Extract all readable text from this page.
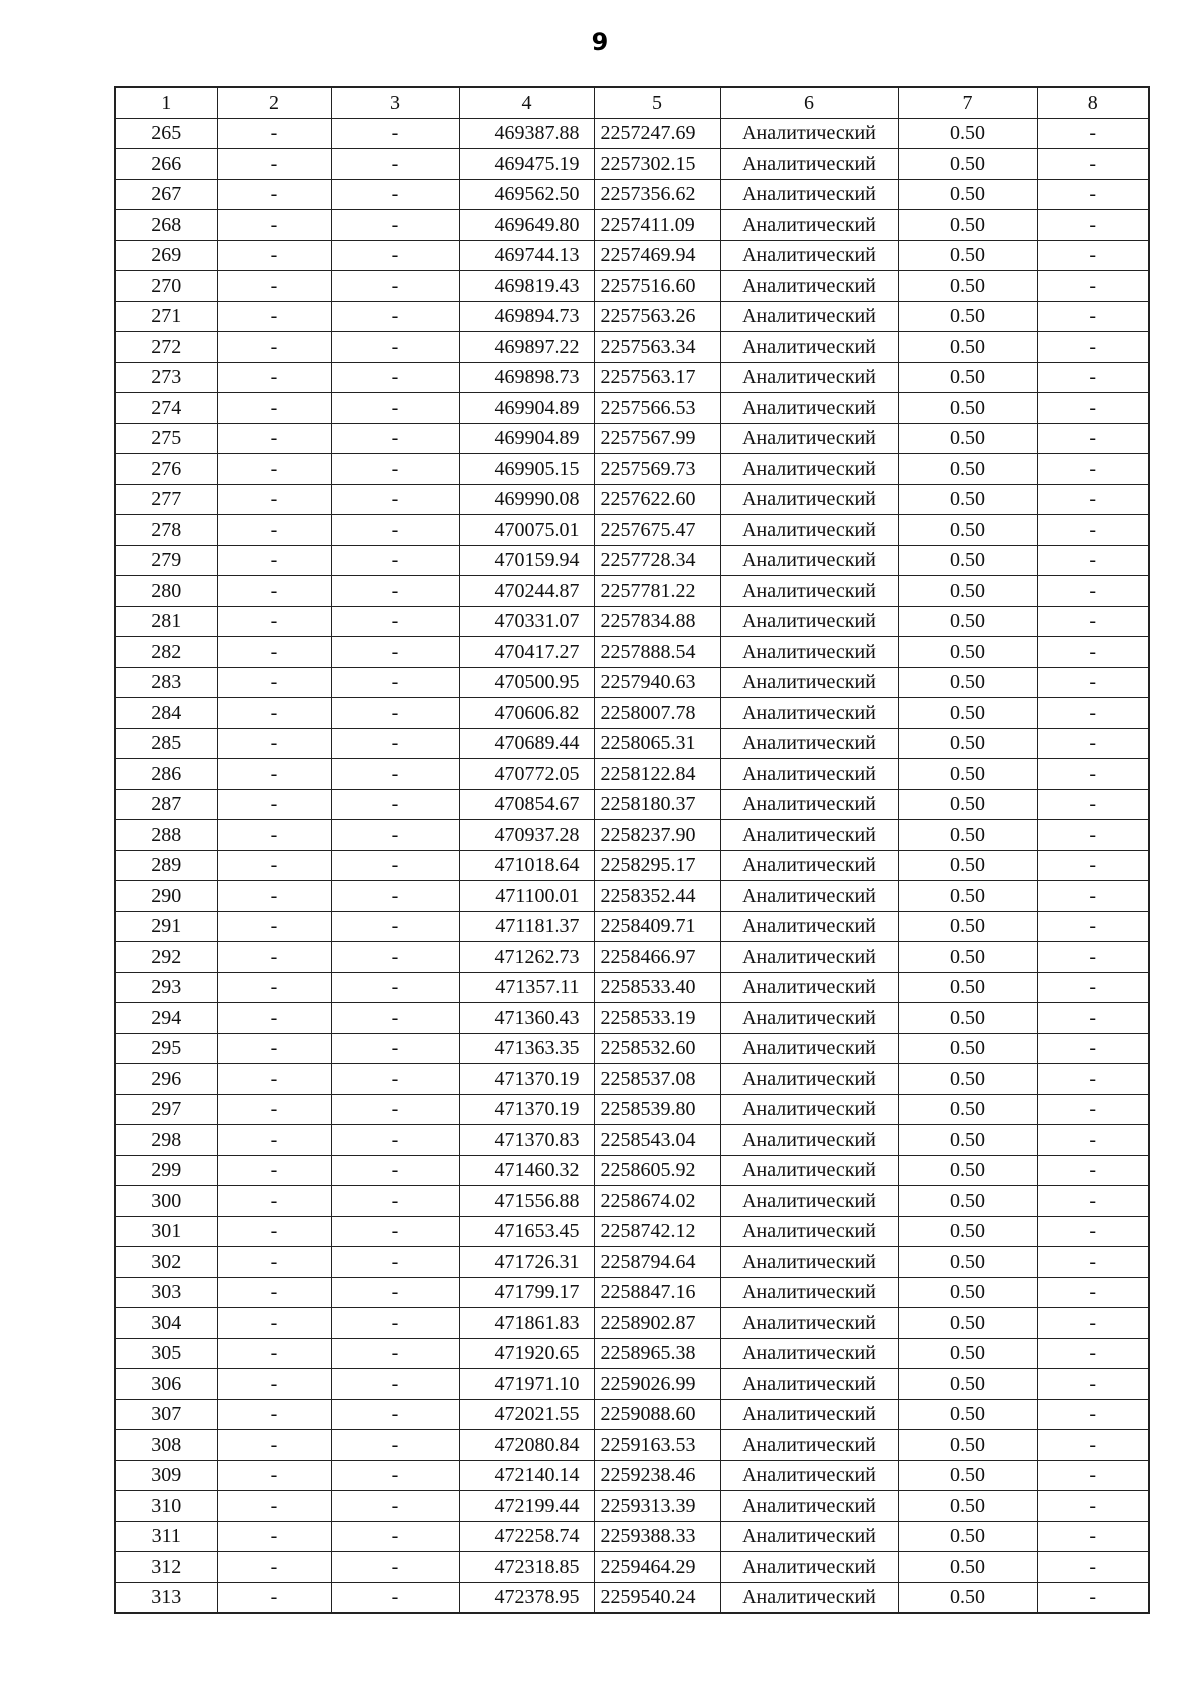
9
1	2	3	4	5	6	7	8
265	-	-	469387.88	2257247.69	Аналитический	0.50	-
266	-	-	469475.19	2257302.15	Аналитический	0.50	-
267	-	-	469562.50	2257356.62	Аналитический	0.50	-
268	-	-	469649.80	2257411.09	Аналитический	0.50	-
269	-	-	469744.13	2257469.94	Аналитический	0.50	-
270	-	-	469819.43	2257516.60	Аналитический	0.50	-
271	-	-	469894.73	2257563.26	Аналитический	0.50	-
272	-	-	469897.22	2257563.34	Аналитический	0.50	-
273	-	-	469898.73	2257563.17	Аналитический	0.50	-
274	-	-	469904.89	2257566.53	Аналитический	0.50	-
275	-	-	469904.89	2257567.99	Аналитический	0.50	-
276	-	-	469905.15	2257569.73	Аналитический	0.50	-
277	-	-	469990.08	2257622.60	Аналитический	0.50	-
278	-	-	470075.01	2257675.47	Аналитический	0.50	-
279	-	-	470159.94	2257728.34	Аналитический	0.50	-
280	-	-	470244.87	2257781.22	Аналитический	0.50	-
281	-	-	470331.07	2257834.88	Аналитический	0.50	-
282	-	-	470417.27	2257888.54	Аналитический	0.50	-
283	-	-	470500.95	2257940.63	Аналитический	0.50	-
284	-	-	470606.82	2258007.78	Аналитический	0.50	-
285	-	-	470689.44	2258065.31	Аналитический	0.50	-
286	-	-	470772.05	2258122.84	Аналитический	0.50	-
287	-	-	470854.67	2258180.37	Аналитический	0.50	-
288	-	-	470937.28	2258237.90	Аналитический	0.50	-
289	-	-	471018.64	2258295.17	Аналитический	0.50	-
290	-	-	471100.01	2258352.44	Аналитический	0.50	-
291	-	-	471181.37	2258409.71	Аналитический	0.50	-
292	-	-	471262.73	2258466.97	Аналитический	0.50	-
293	-	-	471357.11	2258533.40	Аналитический	0.50	-
294	-	-	471360.43	2258533.19	Аналитический	0.50	-
295	-	-	471363.35	2258532.60	Аналитический	0.50	-
296	-	-	471370.19	2258537.08	Аналитический	0.50	-
297	-	-	471370.19	2258539.80	Аналитический	0.50	-
298	-	-	471370.83	2258543.04	Аналитический	0.50	-
299	-	-	471460.32	2258605.92	Аналитический	0.50	-
300	-	-	471556.88	2258674.02	Аналитический	0.50	-
301	-	-	471653.45	2258742.12	Аналитический	0.50	-
302	-	-	471726.31	2258794.64	Аналитический	0.50	-
303	-	-	471799.17	2258847.16	Аналитический	0.50	-
304	-	-	471861.83	2258902.87	Аналитический	0.50	-
305	-	-	471920.65	2258965.38	Аналитический	0.50	-
306	-	-	471971.10	2259026.99	Аналитический	0.50	-
307	-	-	472021.55	2259088.60	Аналитический	0.50	-
308	-	-	472080.84	2259163.53	Аналитический	0.50	-
309	-	-	472140.14	2259238.46	Аналитический	0.50	-
310	-	-	472199.44	2259313.39	Аналитический	0.50	-
311	-	-	472258.74	2259388.33	Аналитический	0.50	-
312	-	-	472318.85	2259464.29	Аналитический	0.50	-
313	-	-	472378.95	2259540.24	Аналитический	0.50	-
